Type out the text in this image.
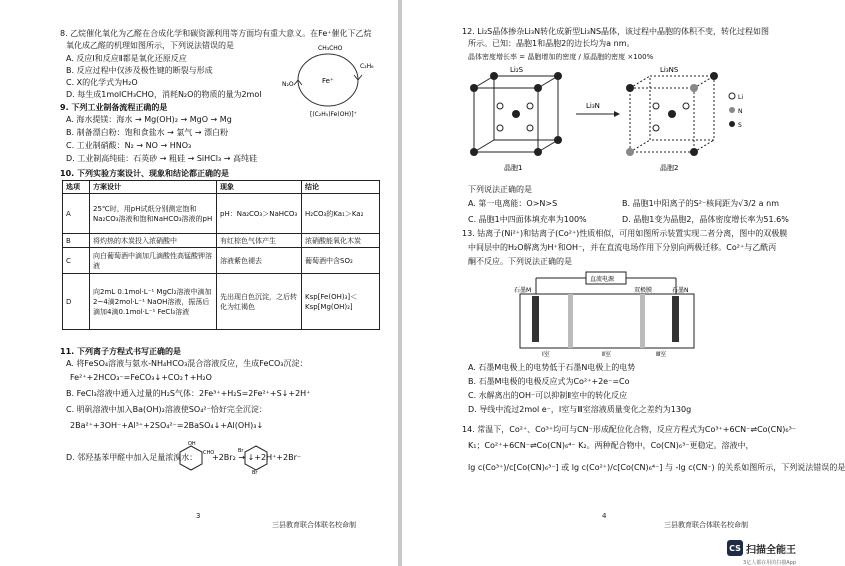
8. 乙烷催化氧化为乙醛在合成化学和碳资源利用等方面均有重大意义。在Fe⁺催化下乙烷
氧化成乙醛的机理如图所示，下列说法错误的是
A. 反应Ⅰ和反应Ⅱ都是氧化还原反应
B. 反应过程中仅涉及极性键的断裂与形成
C. X的化学式为H₂O
D. 每生成1molCH₃CHO，消耗N₂O的物质的量为2mol
CH₃CHO
Fe⁺
N₂O
C₂H₆
[(C₂H₅)Fe(OH)]⁺
9. 下列工业制备流程正确的是
A. 海水提镁：海水 → Mg(OH)₂ → MgO → Mg
B. 制备漂白粉：饱和食盐水 → 氯气 → 漂白粉
C. 工业制硝酸：N₂ → NO → HNO₃
D. 工业制高纯硅：石英砂 → 粗硅 → SiHCl₃ → 高纯硅
10. 下列实验方案设计、现象和结论都正确的是
选项	方案设计	现象	结论
A	25℃时，用pH试纸分别测定饱和Na₂CO₃溶液和饱和NaHCO₃溶液的pH	pH：Na₂CO₃＞NaHCO₃	H₂CO₃的Ka₁＞Ka₂
B	将灼热的木炭投入浓硝酸中	有红棕色气体产生	浓硝酸能氧化木炭
C	向白葡萄酒中滴加几滴酸性高锰酸钾溶液	溶液紫色褪去	葡萄酒中含SO₂
D	向2mL 0.1mol·L⁻¹ MgCl₂溶液中滴加2~4滴2mol·L⁻¹ NaOH溶液，振荡后滴加4滴0.1mol·L⁻¹ FeCl₃溶液	先出现白色沉淀，之后转化为红褐色	Ksp[Fe(OH)₃]＜Ksp[Mg(OH)₂]
11. 下列离子方程式书写正确的是
A. 将FeSO₄溶液与氨水-NH₄HCO₃混合溶液反应，生成FeCO₃沉淀：
Fe²⁺+2HCO₃⁻=FeCO₃↓+CO₂↑+H₂O
B. FeCl₃溶液中通入过量的H₂S气体：2Fe³⁺+H₂S=2Fe²⁺+S↓+2H⁺
C. 明矾溶液中加入Ba(OH)₂溶液使SO₄²⁻恰好完全沉淀：
2Ba²⁺+3OH⁻+Al³⁺+2SO₄²⁻=2BaSO₄↓+Al(OH)₃↓
D. 邻羟基苯甲醛中加入足量浓溴水：
OH
CHO
+2Br₂ → ↓+2H⁺+2Br⁻
Br
Br
3
三县教育联合体联名校命制
12. Li₂S晶体掺杂Li₃N转化成新型Li₃NS晶体，该过程中晶胞的体积不变，转化过程如图
所示。已知：晶胞1和晶胞2的边长均为a nm。
晶体密度增长率 = 晶胞增加的密度 / 原晶胞的密度 ×100%
Li₂S
晶胞1
Li₃N
Li₃NS
晶胞2
Li
N
S
下列说法正确的是
A. 第一电离能：O>N>S	B. 晶胞1中阳离子的S²⁻核间距为√3/2 a nm
C. 晶胞1中四面体填充率为100%	D. 晶胞1变为晶胞2，晶体密度增长率为51.6%
13. 钴离子(Ni²⁺)和钴离子(Co²⁺)性质相似，可用如图所示装置实现二者分离，图中的双极膜
中间层中的H₂O解离为H⁺和OH⁻，并在直流电场作用下分别向两极迁移。Co²⁺与乙酰丙
酮不反应。下列说法正确的是
直流电源
石墨M	双极膜	石墨N
Ⅰ室	Ⅱ室	Ⅲ室
A. 石墨M电极上的电势低于石墨N电极上的电势
B. 石墨M电极的电极反应式为Co²⁺+2e⁻=Co
C. 水解离出的OH⁻可以抑制Ⅱ室中的转化反应
D. 导线中流过2mol e⁻，Ⅰ室与Ⅲ室溶液质量变化之差约为130g
14. 常温下，Co²⁺、Co³⁺均可与CN⁻形成配位化合物，反应方程式为Co³⁺+6CN⁻⇌Co(CN)₆³⁻
K₁；Co²⁺+6CN⁻⇌Co(CN)₆⁴⁻ K₂。两种配合物中，Co(CN)₆³⁻更稳定。溶液中，
lg c(Co³⁺)/c[Co(CN)₆³⁻] 或 lg c(Co²⁺)/c[Co(CN)₆⁴⁻] 与 -lg c(CN⁻) 的关系如图所示，下列说法错误的是
4
三县教育联合体联名校命制
CS 扫描全能王
3亿人都在用的扫描App
